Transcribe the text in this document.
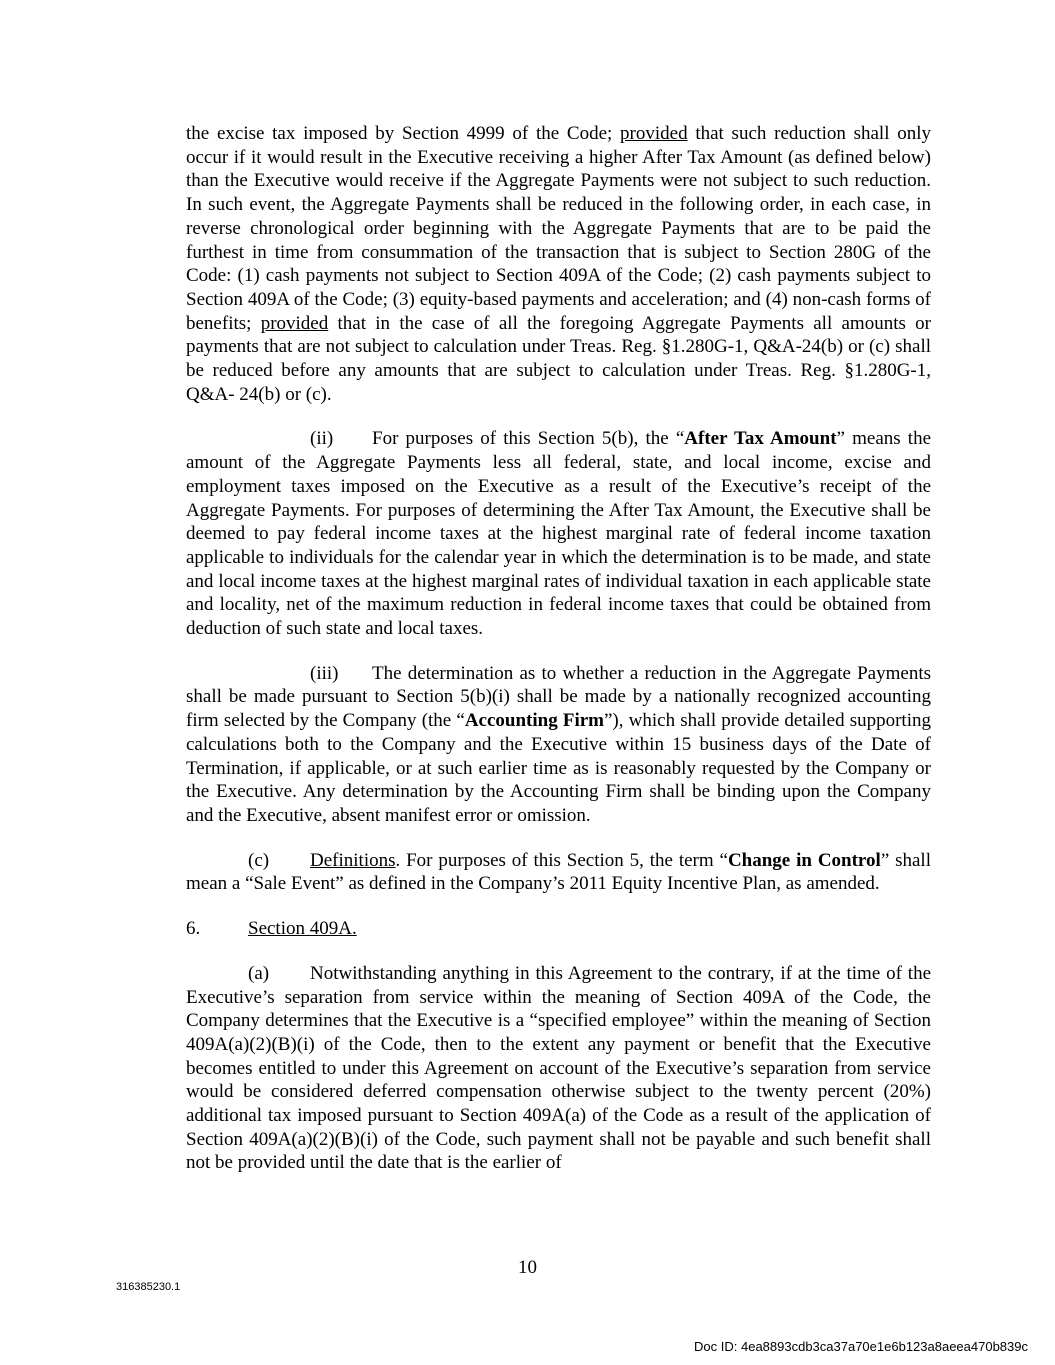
the excise tax imposed by Section 4999 of the Code; provided that such reduction shall only occur if it would result in the Executive receiving a higher After Tax Amount (as defined below) than the Executive would receive if the Aggregate Payments were not subject to such reduction. In such event, the Aggregate Payments shall be reduced in the following order, in each case, in reverse chronological order beginning with the Aggregate Payments that are to be paid the furthest in time from consummation of the transaction that is subject to Section 280G of the Code: (1) cash payments not subject to Section 409A of the Code; (2) cash payments subject to Section 409A of the Code; (3) equity-based payments and acceleration; and (4) non-cash forms of benefits; provided that in the case of all the foregoing Aggregate Payments all amounts or payments that are not subject to calculation under Treas. Reg. §1.280G-1, Q&A-24(b) or (c) shall be reduced before any amounts that are subject to calculation under Treas. Reg. §1.280G-1, Q&A- 24(b) or (c).

(ii) For purposes of this Section 5(b), the “After Tax Amount” means the amount of the Aggregate Payments less all federal, state, and local income, excise and employment taxes imposed on the Executive as a result of the Executive’s receipt of the Aggregate Payments. For purposes of determining the After Tax Amount, the Executive shall be deemed to pay federal income taxes at the highest marginal rate of federal income taxation applicable to individuals for the calendar year in which the determination is to be made, and state and local income taxes at the highest marginal rates of individual taxation in each applicable state and locality, net of the maximum reduction in federal income taxes that could be obtained from deduction of such state and local taxes.

(iii) The determination as to whether a reduction in the Aggregate Payments shall be made pursuant to Section 5(b)(i) shall be made by a nationally recognized accounting firm selected by the Company (the “Accounting Firm”), which shall provide detailed supporting calculations both to the Company and the Executive within 15 business days of the Date of Termination, if applicable, or at such earlier time as is reasonably requested by the Company or the Executive. Any determination by the Accounting Firm shall be binding upon the Company and the Executive, absent manifest error or omission.

(c) Definitions. For purposes of this Section 5, the term “Change in Control” shall mean a “Sale Event” as defined in the Company’s 2011 Equity Incentive Plan, as amended.

6.	Section 409A.

(a) Notwithstanding anything in this Agreement to the contrary, if at the time of the Executive’s separation from service within the meaning of Section 409A of the Code, the Company determines that the Executive is a “specified employee” within the meaning of Section 409A(a)(2)(B)(i) of the Code, then to the extent any payment or benefit that the Executive becomes entitled to under this Agreement on account of the Executive’s separation from service would be considered deferred compensation otherwise subject to the twenty percent (20%) additional tax imposed pursuant to Section 409A(a) of the Code as a result of the application of Section 409A(a)(2)(B)(i) of the Code, such payment shall not be payable and such benefit shall not be provided until the date that is the earlier of

10
316385230.1
Doc ID: 4ea8893cdb3ca37a70e1e6b123a8aeea470b839c
